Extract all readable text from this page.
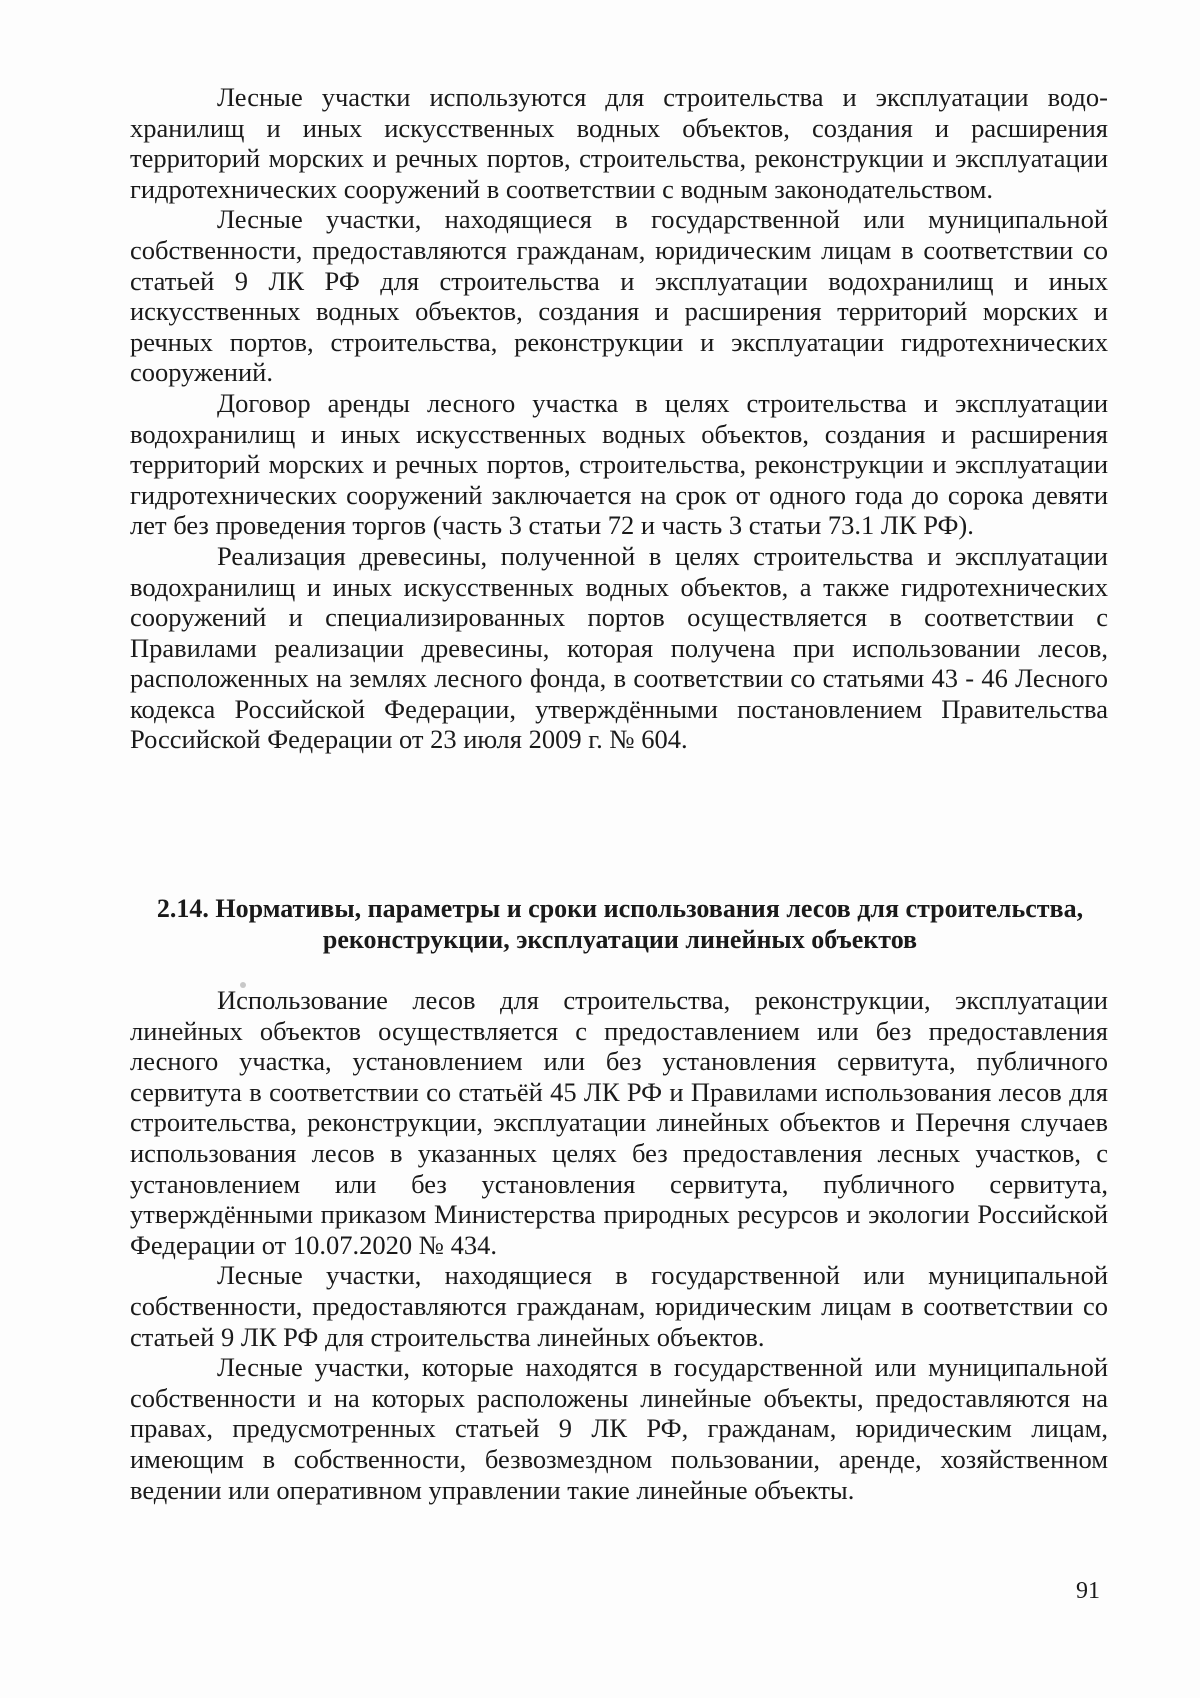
Лесные участки используются для строительства и эксплуатации водохранилищ и иных искусственных водных объектов, создания и расширения территорий морских и речных портов, строительства, реконструкции и эксплуатации гидротехнических сооружений в соответствии с водным законодательством.

Лесные участки, находящиеся в государственной или муниципальной собственности, предоставляются гражданам, юридическим лицам в соответствии со статьей 9 ЛК РФ для строительства и эксплуатации водохранилищ и иных искусственных водных объектов, создания и расширения территорий морских и речных портов, строительства, реконструкции и эксплуатации гидротехнических сооружений.

Договор аренды лесного участка в целях строительства и эксплуатации водохранилищ и иных искусственных водных объектов, создания и расширения территорий морских и речных портов, строительства, реконструкции и эксплуатации гидротехнических сооружений заключается на срок от одного года до сорока девяти лет без проведения торгов (часть 3 статьи 72 и часть 3 статьи 73.1 ЛК РФ).

Реализация древесины, полученной в целях строительства и эксплуатации водохранилищ и иных искусственных водных объектов, а также гидротехнических сооружений и специализированных портов осуществляется в соответствии с Правилами реализации древесины, которая получена при использовании лесов, расположенных на землях лесного фонда, в соответствии со статьями 43 - 46 Лесного кодекса Российской Федерации, утверждёнными постановлением Правительства Российской Федерации от 23 июля 2009 г. № 604.

2.14. Нормативы, параметры и сроки использования лесов для строительства, реконструкции, эксплуатации линейных объектов

Использование лесов для строительства, реконструкции, эксплуатации линейных объектов осуществляется с предоставлением или без предоставления лесного участка, установлением или без установления сервитута, публичного сервитута в соответствии со статьёй 45 ЛК РФ и Правилами использования лесов для строительства, реконструкции, эксплуатации линейных объектов и Перечня случаев использования лесов в указанных целях без предоставления лесных участков, с установлением или без установления сервитута, публичного сервитута, утверждёнными приказом Министерства природных ресурсов и экологии Российской Федерации от 10.07.2020 № 434.

Лесные участки, находящиеся в государственной или муниципальной собственности, предоставляются гражданам, юридическим лицам в соответствии со статьей 9 ЛК РФ для строительства линейных объектов.

Лесные участки, которые находятся в государственной или муниципальной собственности и на которых расположены линейные объекты, предоставляются на правах, предусмотренных статьей 9 ЛК РФ, гражданам, юридическим лицам, имеющим в собственности, безвозмездном пользовании, аренде, хозяйственном ведении или оперативном управлении такие линейные объекты.

91
